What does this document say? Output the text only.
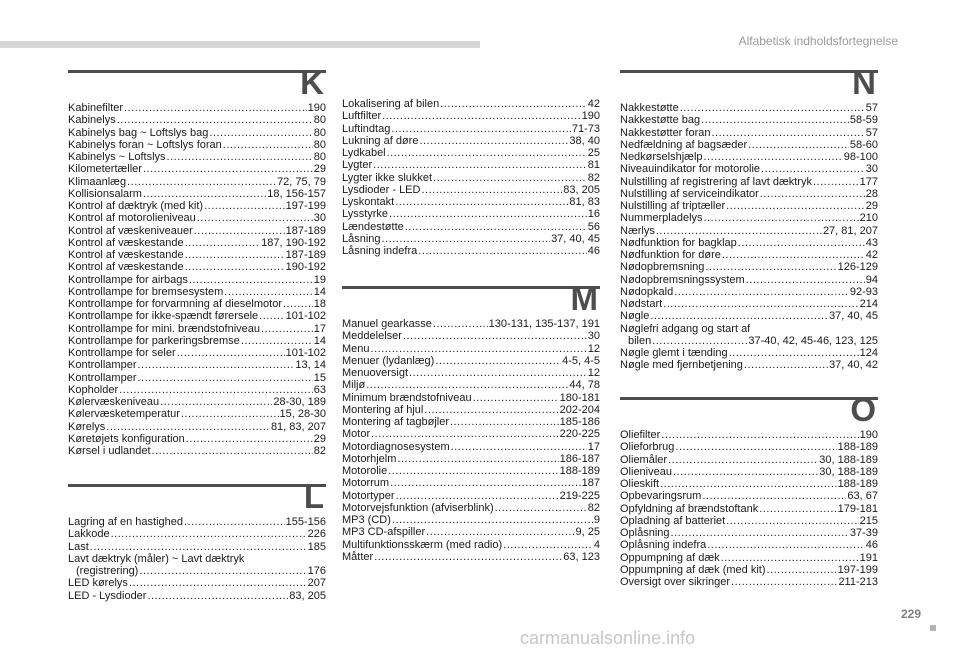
Alfabetisk indholdsfortegnelse
K
Kabinefilter .....	190
Kabinelys .....	80
Kabinelys bag ~ Loftslys bag .....	80
Kabinelys foran ~ Loftslys foran .....	80
Kabinelys ~ Loftslys .....	80
Kilometertæller .....	29
Klimaanlæg .....	72, 75, 79
Kollisionsalarm .....	18, 156-157
Kontrol af dæktryk (med kit) .....	197-199
Kontrol af motorolieniveau .....	30
Kontrol af væskeniveauer .....	187-189
Kontrol af væskestande .....	187, 190-192
Kontrol af væskestande .....	187-189
Kontrol af væskestande .....	190-192
Kontrollampe for airbags .....	19
Kontrollampe for bremsesystem .....	14
Kontrollampe for forvarmning af dieselmotor .....	18
Kontrollampe for ikke-spændt førersele ..... 101-102
Kontrollampe for mini. brændstofniveau .....	17
Kontrollampe for parkeringsbremse .....	14
Kontrollampe for seler .....	101-102
Kontrollamper .....	13, 14
Kontrollamper .....	15
Kopholder .....	63
Kølervæskeniveau .....	28-30, 189
Kølervæsketemperatur .....	15, 28-30
Kørelys .....	81, 83, 207
Køretøjets konfiguration .....	29
Kørsel i udlandet .....	82
L
Lagring af en hastighed .....	155-156
Lakkode .....	226
Last .....	185
Lavt dæktryk (måler) ~ Lavt dæktryk
(registrering) .....	176
LED kørelys .....	207
LED - Lysdioder .....	83, 205
Lokalisering af bilen .....	42
Luftfilter .....	190
Luftindtag .....	71-73
Lukning af døre .....	38, 40
Lydkabel .....	25
Lygter .....	81
Lygter ikke slukket .....	82
Lysdioder - LED .....	83, 205
Lyskontakt .....	81, 83
Lysstyrke .....	16
Lændestøtte .....	56
Låsning .....	37, 40, 45
Låsning indefra .....	46
M
Manuel gearkasse .....	130-131, 135-137, 191
Meddelelser .....	30
Menu .....	12
Menuer (lydanlæg) .....	4-5, 4-5
Menuoversigt .....	12
Miljø .....	44, 78
Minimum brændstofniveau .....	180-181
Montering af hjul .....	202-204
Montering af tagbøjler .....	185-186
Motor .....	220-225
Motordiagnosesystem .....	17
Motorhjelm .....	186-187
Motorolie .....	188-189
Motorrum .....	187
Motortyper .....	219-225
Motorvejsfunktion (afviserblink) .....	82
MP3 (CD) .....	9
MP3 CD-afspiller .....	9, 25
Multifunktionsskærm (med radio) .....	4
Måtter .....	63, 123
N
Nakkestøtte .....	57
Nakkestøtte bag .....	58-59
Nakkestøtter foran .....	57
Nedfældning af bagsæder .....	58-60
Nedkørselshjælp .....	98-100
Niveauindikator for motorolie .....	30
Nulstilling af registrering af lavt dæktryk .....	177
Nulstilling af serviceindikator .....	28
Nulstilling af triptæller .....	29
Nummerpladelys .....	210
Nærlys .....	27, 81, 207
Nødfunktion for bagklap .....	43
Nødfunktion for døre .....	42
Nødopbremsning .....	126-129
Nødopbremsningssystem .....	94
Nødopkald .....	92-93
Nødstart .....	214
Nøgle .....	37, 40, 45
Nøglefri adgang og start af
bilen .....	37-40, 42, 45-46, 123, 125
Nøgle glemt i tænding .....	124
Nøgle med fjernbetjening .....	37, 40, 42
O
Oliefilter .....	190
Olieforbrug .....	188-189
Oliemåler .....	30, 188-189
Olieniveau .....	30, 188-189
Olieskift .....	188-189
Opbevaringsrum .....	63, 67
Opfyldning af brændstoftank .....	179-181
Opladning af batteriet .....	215
Oplåsning .....	37-39
Oplåsning indefra .....	46
Oppumpning af dæk .....	191
Oppumpning af dæk (med kit) .....	197-199
Oversigt over sikringer .....	211-213
229
carmanualsonline.info
